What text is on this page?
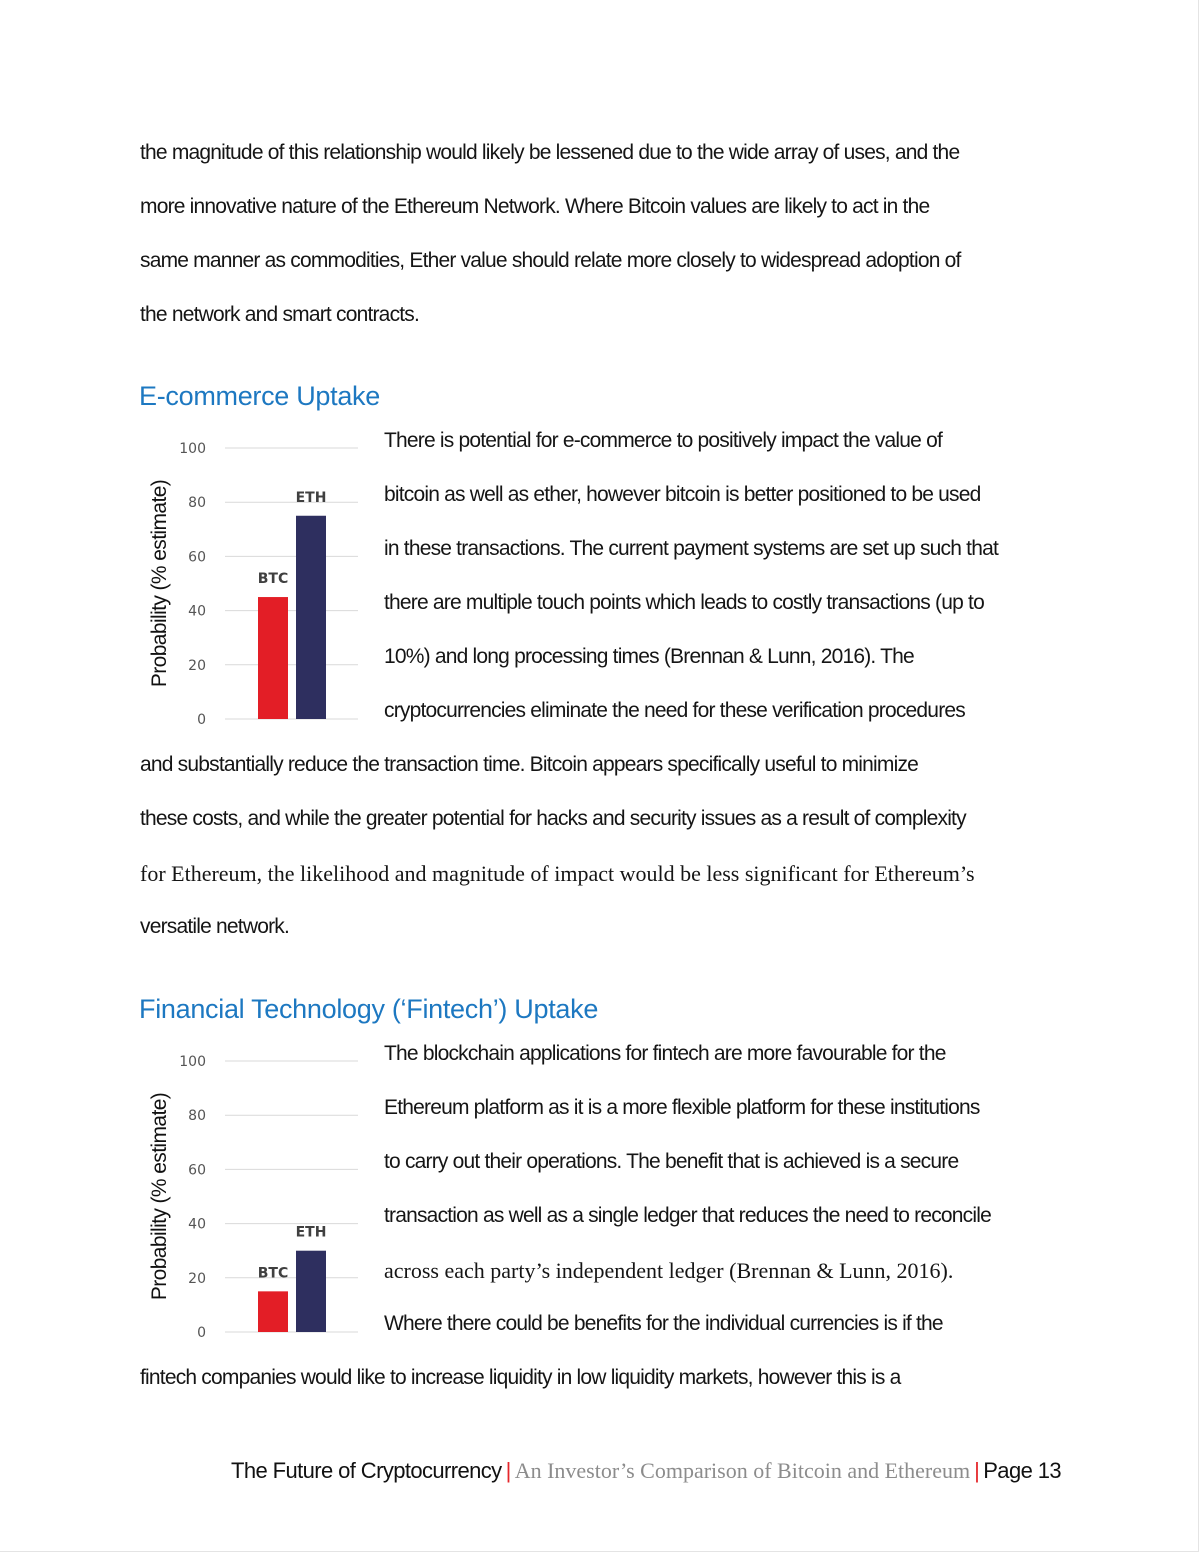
the magnitude of this relationship would likely be lessened due to the wide array of uses, and the
more innovative nature of the Ethereum Network. Where Bitcoin values are likely to act in the
same manner as commodities, Ether value should relate more closely to widespread adoption of
the network and smart contracts.
E-commerce Uptake
0
20
40
60
80
100
Probability (% estimate)	BTC
ETH
There is potential for e-commerce to positively impact the value of
bitcoin as well as ether, however bitcoin is better positioned to be used
in these transactions. The current payment systems are set up such that
there are multiple touch points which leads to costly transactions (up to
10%) and long processing times (Brennan & Lunn, 2016). The
cryptocurrencies eliminate the need for these verification procedures
and substantially reduce the transaction time. Bitcoin appears specifically useful to minimize
these costs, and while the greater potential for hacks and security issues as a result of complexity
for Ethereum, the likelihood and magnitude of impact would be less significant for Ethereum’s
versatile network.
Financial Technology (‘Fintech’) Uptake
0
20
40
60
80
100
Probability (% estimate)	BTC
ETH
The blockchain applications for fintech are more favourable for the
Ethereum platform as it is a more flexible platform for these institutions
to carry out their operations. The benefit that is achieved is a secure
transaction as well as a single ledger that reduces the need to reconcile
across each party’s independent ledger (Brennan & Lunn, 2016).
Where there could be benefits for the individual currencies is if the
fintech companies would like to increase liquidity in low liquidity markets, however this is a
The Future of Cryptocurrency | An Investor’s Comparison of Bitcoin and Ethereum | Page 13
